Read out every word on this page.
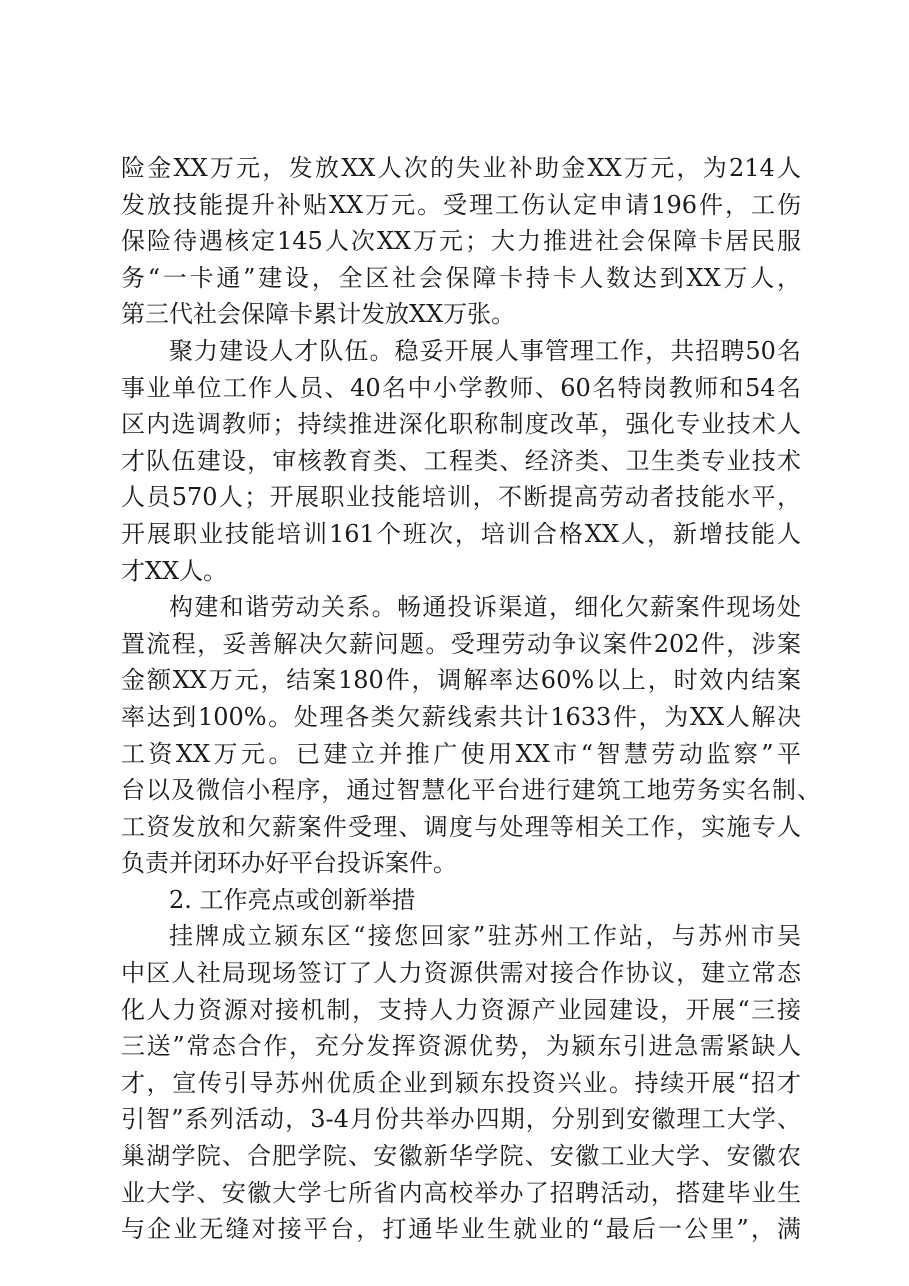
险金XX万元，发放XX人次的失业补助金XX万元，为214人
发放技能提升补贴XX万元。受理工伤认定申请196件，工伤
保险待遇核定145人次XX万元；大力推进社会保障卡居民服
务“一卡通”建设，全区社会保障卡持卡人数达到XX万人，
第三代社会保障卡累计发放XX万张。
聚力建设人才队伍。稳妥开展人事管理工作，共招聘50名
事业单位工作人员、40名中小学教师、60名特岗教师和54名
区内选调教师；持续推进深化职称制度改革，强化专业技术人
才队伍建设，审核教育类、工程类、经济类、卫生类专业技术
人员570人；开展职业技能培训，不断提高劳动者技能水平，
开展职业技能培训161个班次，培训合格XX人，新增技能人
才XX人。
构建和谐劳动关系。畅通投诉渠道，细化欠薪案件现场处
置流程，妥善解决欠薪问题。受理劳动争议案件202件，涉案
金额XX万元，结案180件，调解率达60%以上，时效内结案
率达到100%。处理各类欠薪线索共计1633件，为XX人解决
工资XX万元。已建立并推广使用XX市“智慧劳动监察”平
台以及微信小程序，通过智慧化平台进行建筑工地劳务实名制、
工资发放和欠薪案件受理、调度与处理等相关工作，实施专人
负责并闭环办好平台投诉案件。
2. 工作亮点或创新举措
挂牌成立颍东区“接您回家”驻苏州工作站，与苏州市吴
中区人社局现场签订了人力资源供需对接合作协议，建立常态
化人力资源对接机制，支持人力资源产业园建设，开展“三接
三送”常态合作，充分发挥资源优势，为颍东引进急需紧缺人
才，宣传引导苏州优质企业到颍东投资兴业。持续开展“招才
引智”系列活动，3-4月份共举办四期，分别到安徽理工大学、
巢湖学院、合肥学院、安徽新华学院、安徽工业大学、安徽农
业大学、安徽大学七所省内高校举办了招聘活动，搭建毕业生
与企业无缝对接平台，打通毕业生就业的“最后一公里”，满
